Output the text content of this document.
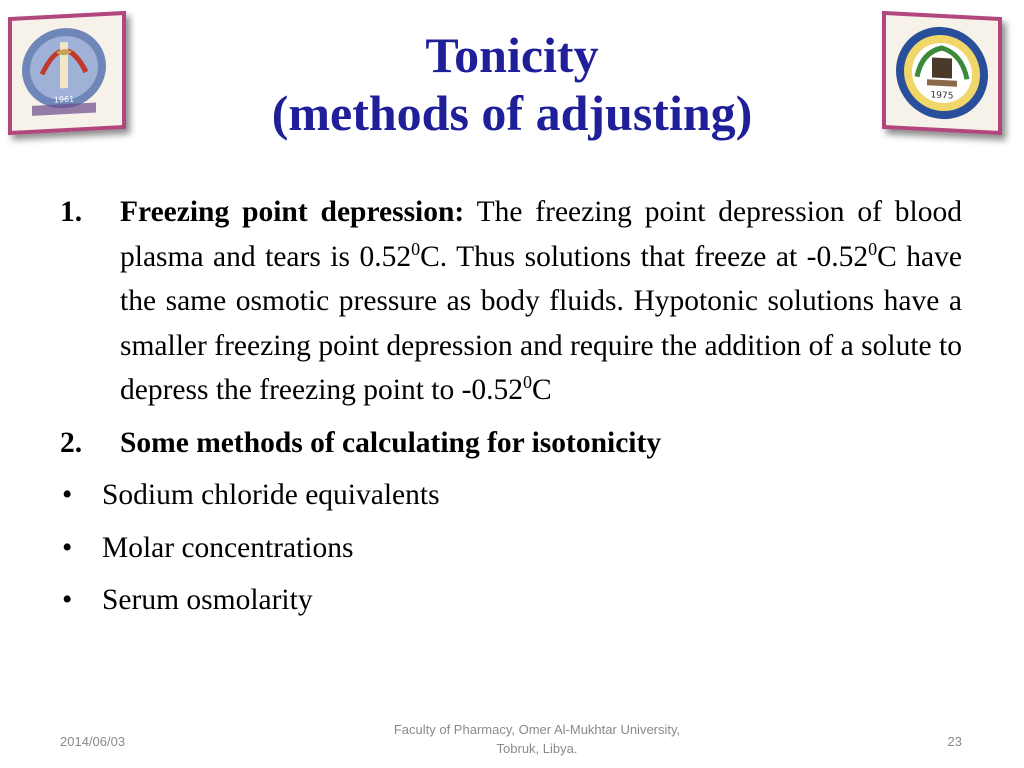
1961	1975
Tonicity
(methods of adjusting)
1.	Freezing point depression: The freezing point depression of blood plasma and tears is 0.52$^0$C. Thus solutions that freeze at -0.52$^0$C have the same osmotic pressure as body fluids. Hypotonic solutions have a smaller freezing point depression and require the addition of a solute to depress the freezing point to -0.52$^0$C
2.	Some methods of calculating for isotonicity
•	Sodium chloride equivalents
•	Molar concentrations
•	Serum osmolarity
2014/06/03
Faculty of Pharmacy, Omer Al-Mukhtar University,
Tobruk, Libya.	23
